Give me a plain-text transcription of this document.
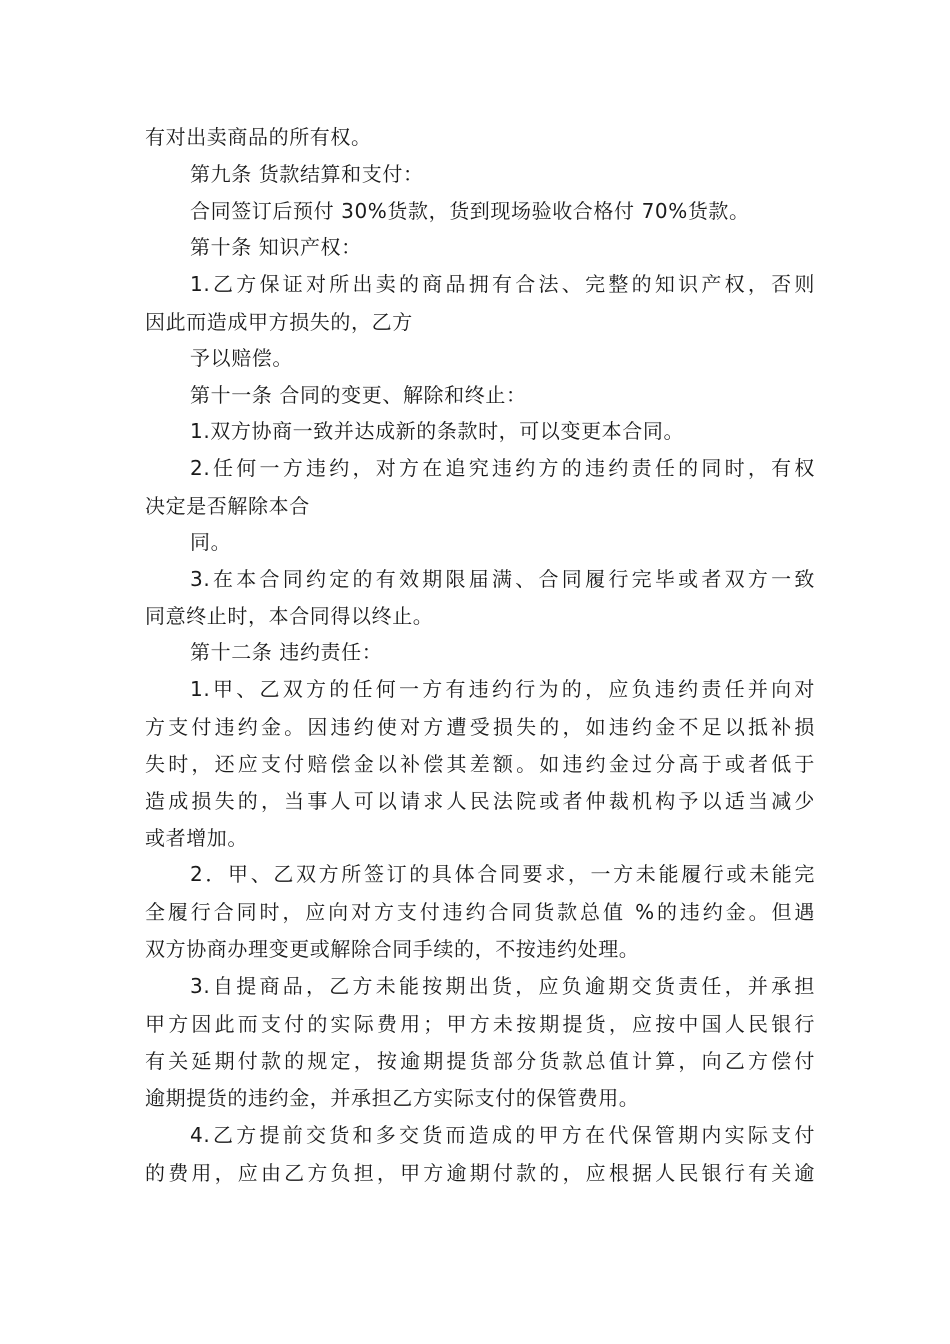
有对出卖商品的所有权。
第九条 货款结算和支付：
合同签订后预付 30%货款，货到现场验收合格付 70%货款。
第十条 知识产权：
1.乙方保证对所出卖的商品拥有合法、完整的知识产权，否则
因此而造成甲方损失的，乙方
予以赔偿。
第十一条 合同的变更、解除和终止：
1.双方协商一致并达成新的条款时，可以变更本合同。
2.任何一方违约，对方在追究违约方的违约责任的同时，有权
决定是否解除本合
同。
3.在本合同约定的有效期限届满、合同履行完毕或者双方一致
同意终止时，本合同得以终止。
第十二条 违约责任：
1.甲、乙双方的任何一方有违约行为的，应负违约责任并向对
方支付违约金。因违约使对方遭受损失的，如违约金不足以抵补损
失时，还应支付赔偿金以补偿其差额。如违约金过分高于或者低于
造成损失的，当事人可以请求人民法院或者仲裁机构予以适当减少
或者增加。
2．甲、乙双方所签订的具体合同要求，一方未能履行或未能完
全履行合同时，应向对方支付违约合同货款总值 %的违约金。但遇
双方协商办理变更或解除合同手续的，不按违约处理。
3.自提商品，乙方未能按期出货，应负逾期交货责任，并承担
甲方因此而支付的实际费用；甲方未按期提货，应按中国人民银行
有关延期付款的规定，按逾期提货部分货款总值计算，向乙方偿付
逾期提货的违约金，并承担乙方实际支付的保管费用。
4.乙方提前交货和多交货而造成的甲方在代保管期内实际支付
的费用，应由乙方负担，甲方逾期付款的，应根据人民银行有关逾
